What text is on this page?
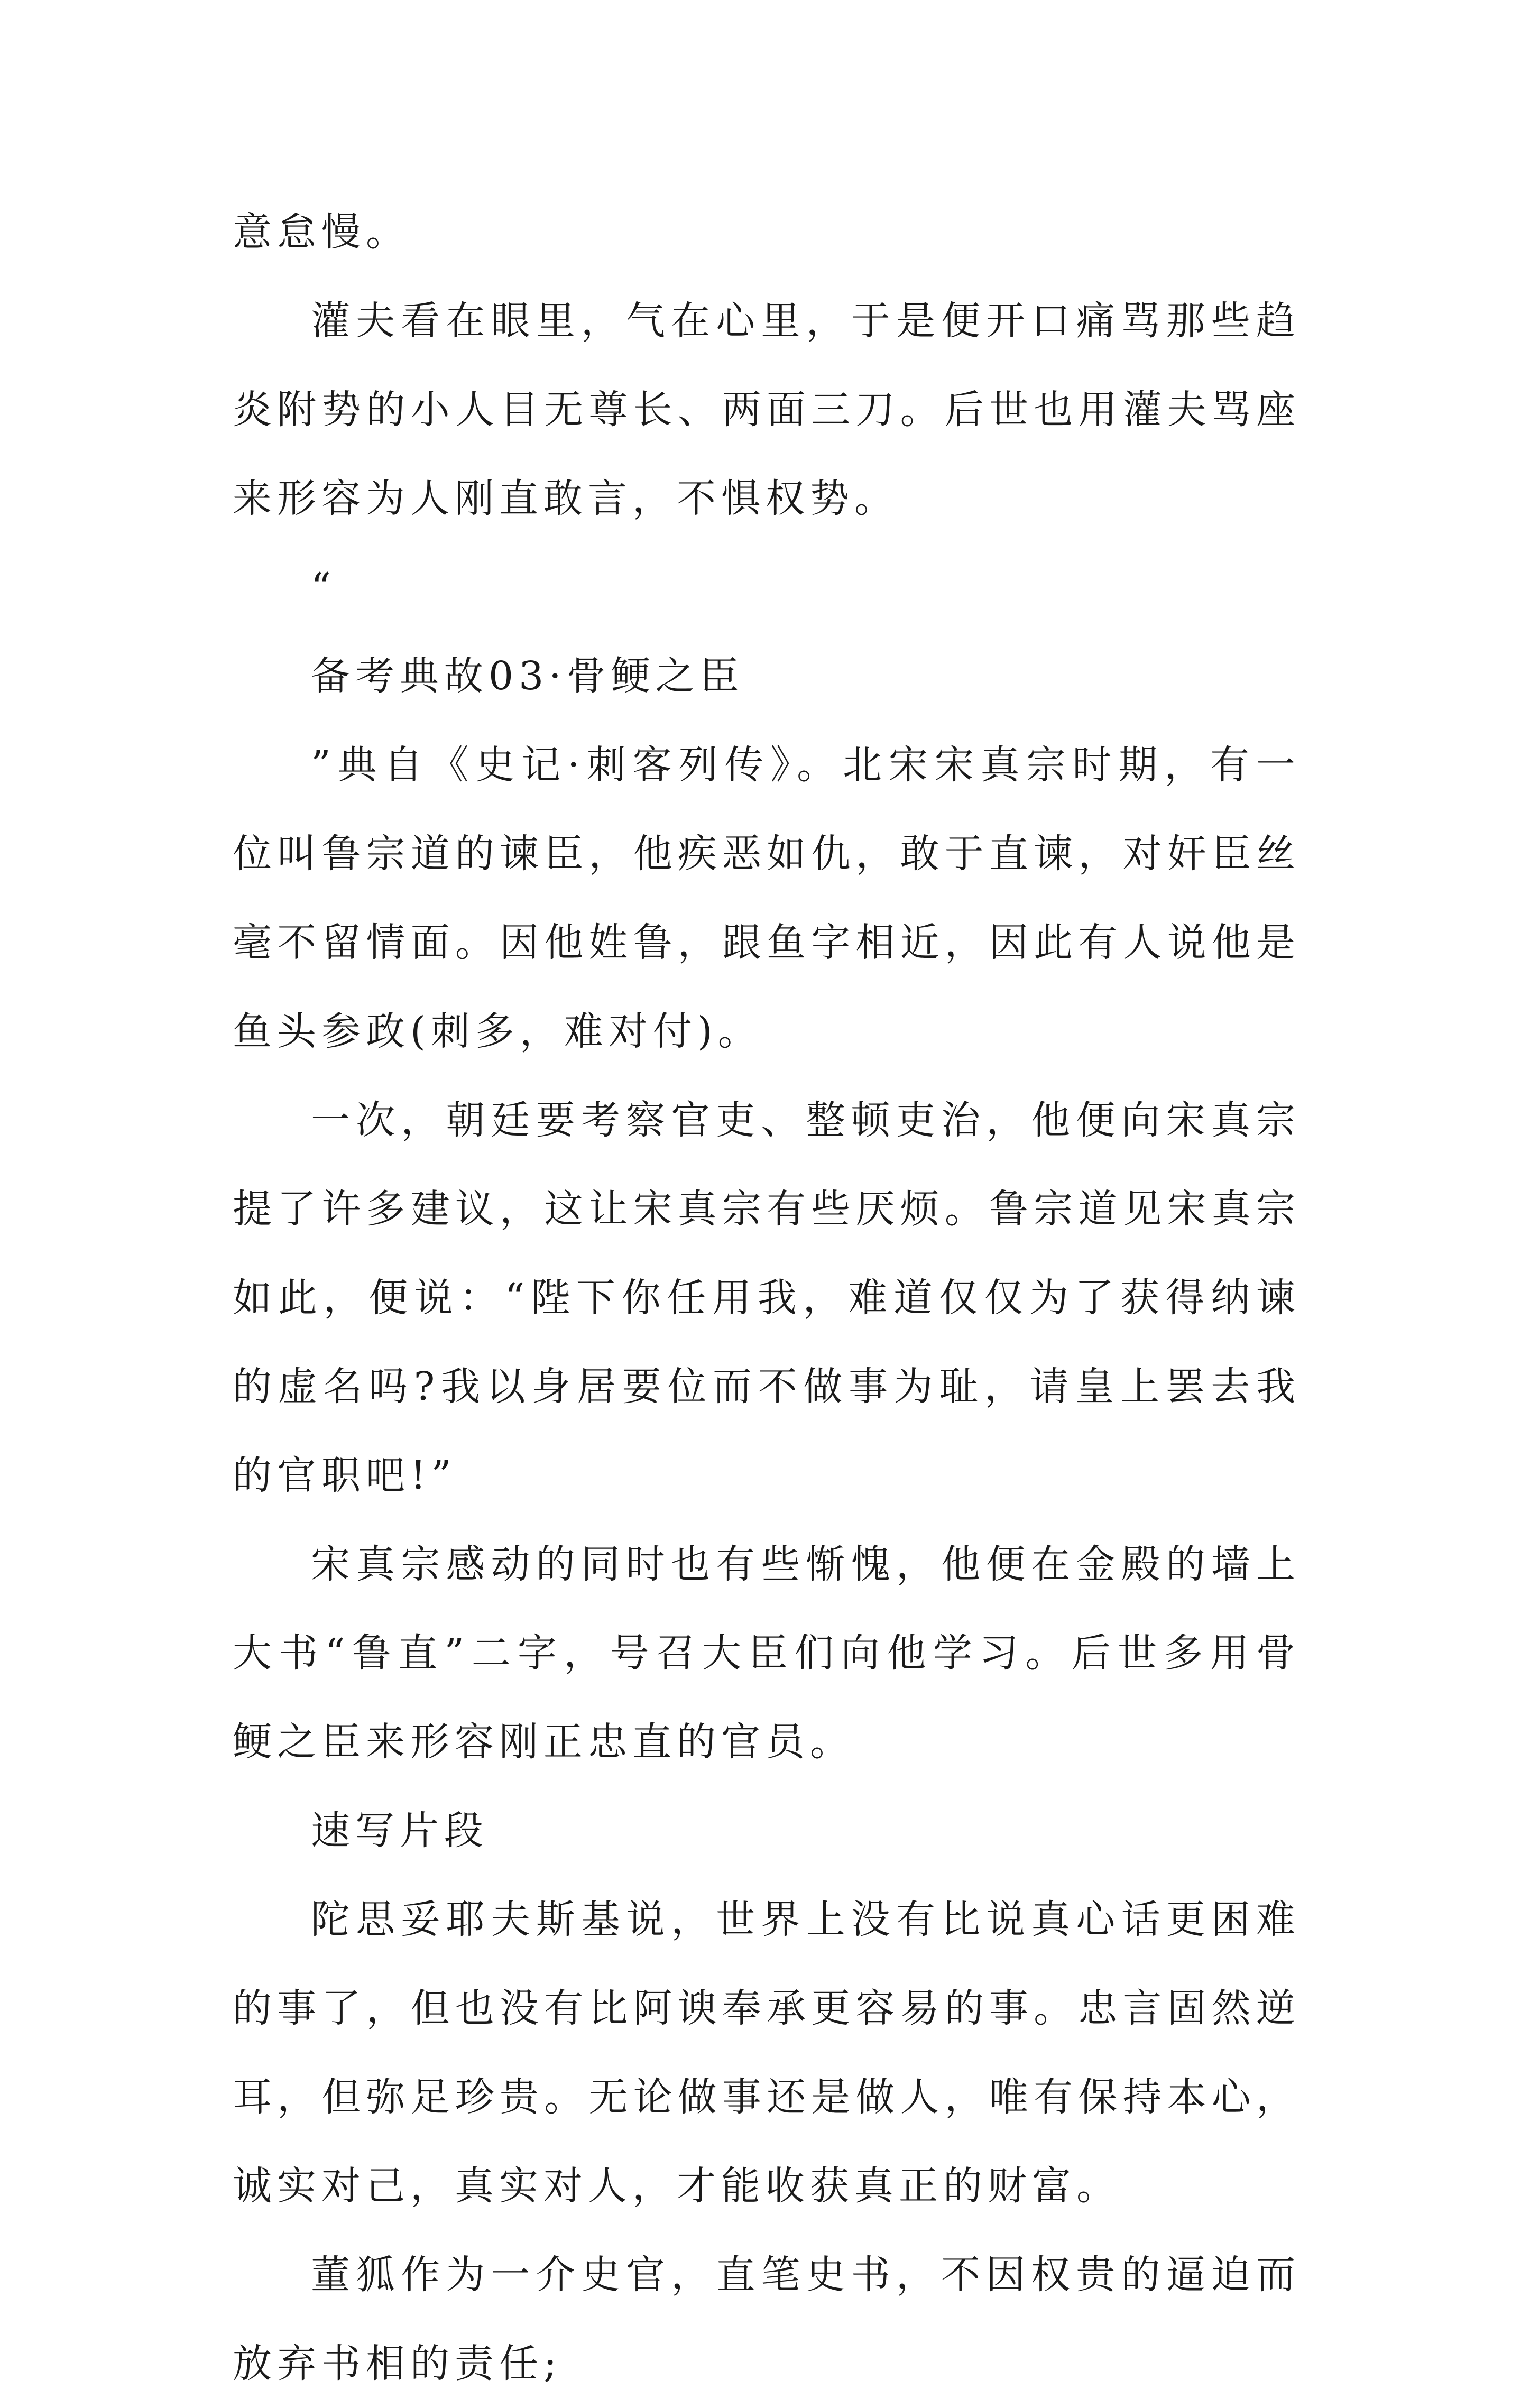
意怠慢。

灌夫看在眼里，气在心里，于是便开口痛骂那些趋炎附势的小人目无尊长、两面三刀。后世也用灌夫骂座来形容为人刚直敢言，不惧权势。

“

备考典故03·骨鲠之臣

”典自《史记·刺客列传》。北宋宋真宗时期，有一位叫鲁宗道的谏臣，他疾恶如仇，敢于直谏，对奸臣丝毫不留情面。因他姓鲁，跟鱼字相近，因此有人说他是鱼头参政(刺多，难对付)。

一次，朝廷要考察官吏、整顿吏治，他便向宋真宗提了许多建议，这让宋真宗有些厌烦。鲁宗道见宋真宗如此，便说：“陛下你任用我，难道仅仅为了获得纳谏的虚名吗?我以身居要位而不做事为耻，请皇上罢去我的官职吧!”

宋真宗感动的同时也有些惭愧，他便在金殿的墙上大书“鲁直”二字，号召大臣们向他学习。后世多用骨鲠之臣来形容刚正忠直的官员。

速写片段

陀思妥耶夫斯基说，世界上没有比说真心话更困难的事了，但也没有比阿谀奉承更容易的事。忠言固然逆耳，但弥足珍贵。无论做事还是做人，唯有保持本心，诚实对己，真实对人，才能收获真正的财富。

董狐作为一介史官，直笔史书，不因权贵的逼迫而放弃书相的责任;
